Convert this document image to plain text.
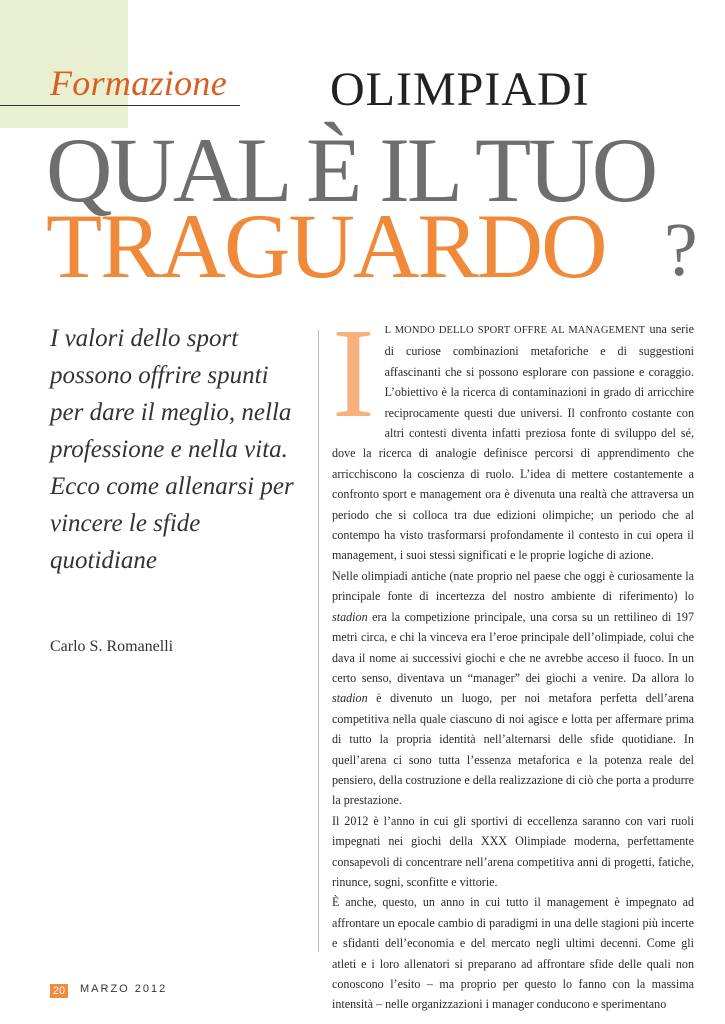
Formazione OLIMPIADI
QUAL È IL TUO
TRAGUARDO ?
I valori dello sport possono offrire spunti per dare il meglio, nella professione e nella vita. Ecco come allenarsi per vincere le sfide quotidiane
Carlo S. Romanelli

IL MONDO DELLO SPORT OFFRE AL MANAGEMENT una serie di curiose combinazioni metaforiche e di suggestioni affascinanti che si possono esplorare con passione e coraggio. L’obiettivo è la ricerca di contaminazioni in grado di arricchire reciprocamente questi due universi. Il confronto costante con altri contesti diventa infatti preziosa fonte di sviluppo del sé, dove la ricerca di analogie definisce percorsi di apprendimento che arricchiscono la coscienza di ruolo. L’idea di mettere costantemente a confronto sport e management ora è divenuta una realtà che attraversa un periodo che si colloca tra due edizioni olimpiche; un periodo che al contempo ha visto trasformarsi profondamente il contesto in cui opera il management, i suoi stessi significati e le proprie logiche di azione.

Nelle olimpiadi antiche (nate proprio nel paese che oggi è curiosamente la principale fonte di incertezza del nostro ambiente di riferimento) lo stadion era la competizione principale, una corsa su un rettilineo di 197 metri circa, e chi la vinceva era l’eroe principale dell’olimpiade, colui che dava il nome ai successivi giochi e che ne avrebbe acceso il fuoco. In un certo senso, diventava un “manager” dei giochi a venire. Da allora lo stadion è divenuto un luogo, per noi metafora perfetta dell’arena competitiva nella quale ciascuno di noi agisce e lotta per affermare prima di tutto la propria identità nell’alternarsi delle sfide quotidiane. In quell’arena ci sono tutta l’essenza metaforica e la potenza reale del pensiero, della costruzione e della realizzazione di ciò che porta a produrre la prestazione.

Il 2012 è l’anno in cui gli sportivi di eccellenza saranno con vari ruoli impegnati nei giochi della XXX Olimpiade moderna, perfettamente consapevoli di concentrare nell’arena competitiva anni di progetti, fatiche, rinunce, sogni, sconfitte e vittorie.

È anche, questo, un anno in cui tutto il management è impegnato ad affrontare un epocale cambio di paradigmi in una delle stagioni più incerte e sfidanti dell’economia e del mercato negli ultimi decenni. Come gli atleti e i loro allenatori si preparano ad affrontare sfide delle quali non conoscono l’esito – ma proprio per questo lo fanno con la massima intensità – nelle organizzazioni i manager conducono e sperimentano

20 MARZO 2012
